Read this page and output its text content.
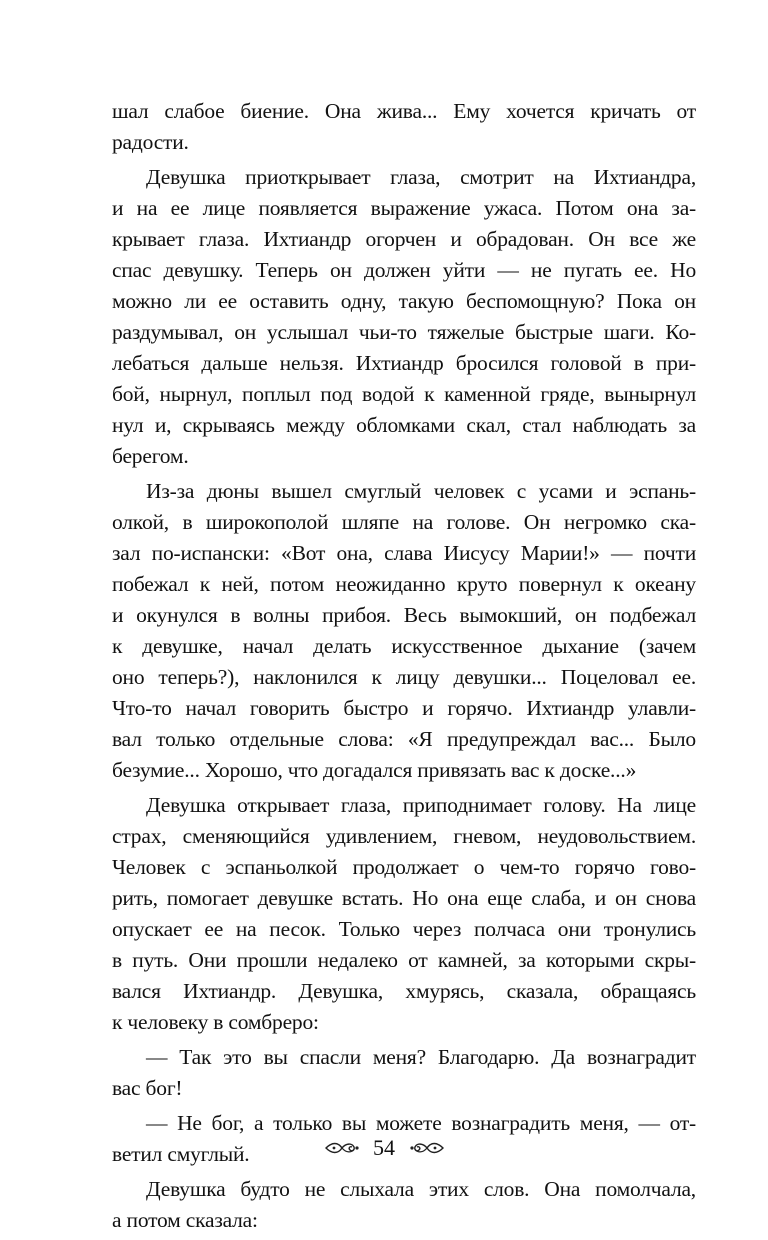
шал слабое биение. Она жива... Ему хочется кричать от
радости.
Девушка приоткрывает глаза, смотрит на Ихтиандра,
и на ее лице появляется выражение ужаса. Потом она за-
крывает глаза. Ихтиандр огорчен и обрадован. Он все же
спас девушку. Теперь он должен уйти — не пугать ее. Но
можно ли ее оставить одну, такую беспомощную? Пока он
раздумывал, он услышал чьи-то тяжелые быстрые шаги. Ко-
лебаться дальше нельзя. Ихтиандр бросился головой в при-
бой, нырнул, поплыл под водой к каменной гряде, вынырнул
нул и, скрываясь между обломками скал, стал наблюдать за
берегом.
Из-за дюны вышел смуглый человек с усами и эспань-
олкой, в широкополой шляпе на голове. Он негромко ска-
зал по-испански: «Вот она, слава Иисусу Марии!» — почти
побежал к ней, потом неожиданно круто повернул к океану
и окунулся в волны прибоя. Весь вымокший, он подбежал
к девушке, начал делать искусственное дыхание (зачем
оно теперь?), наклонился к лицу девушки... Поцеловал ее.
Что-то начал говорить быстро и горячо. Ихтиандр улавли-
вал только отдельные слова: «Я предупреждал вас... Было
безумие... Хорошо, что догадался привязать вас к доске...»
Девушка открывает глаза, приподнимает голову. На лице
страх, сменяющийся удивлением, гневом, неудовольствием.
Человек с эспаньолкой продолжает о чем-то горячо гово-
рить, помогает девушке встать. Но она еще слаба, и он снова
опускает ее на песок. Только через полчаса они тронулись
в путь. Они прошли недалеко от камней, за которыми скры-
вался Ихтиандр. Девушка, хмурясь, сказала, обращаясь
к человеку в сомбреро:
— Так это вы спасли меня? Благодарю. Да вознаградит
вас бог!
— Не бог, а только вы можете вознаградить меня, — от-
ветил смуглый.
Девушка будто не слыхала этих слов. Она помолчала,
а потом сказала:
54
